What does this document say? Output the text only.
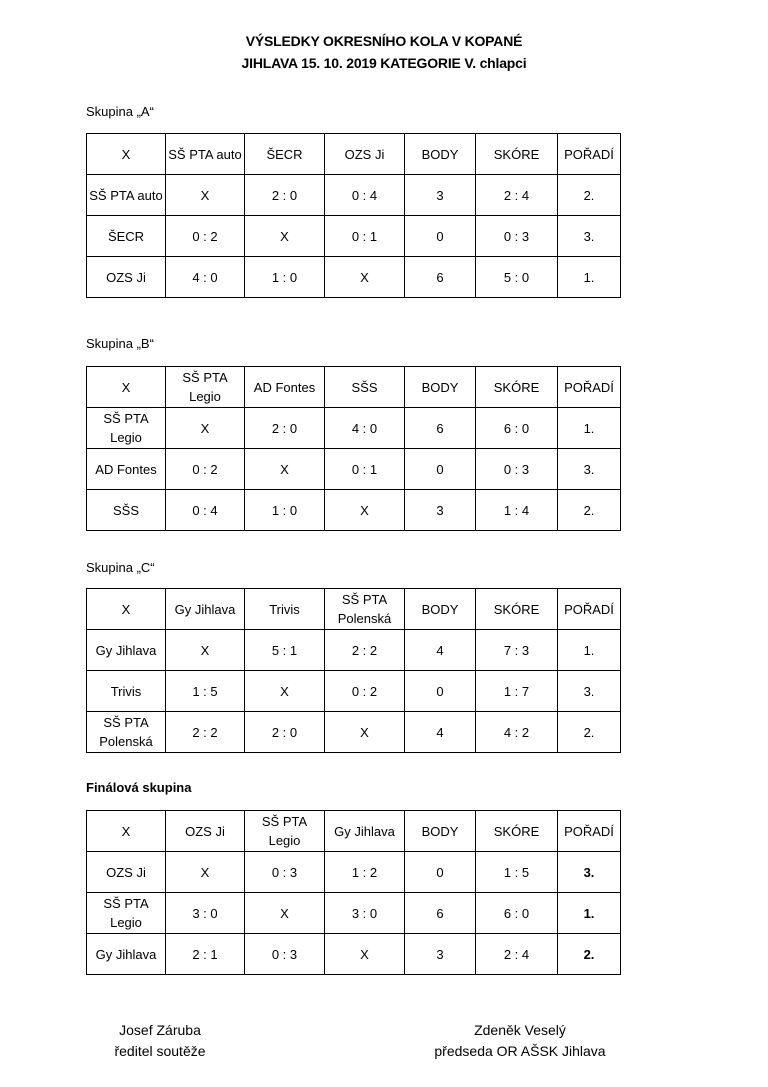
VÝSLEDKY OKRESNÍHO KOLA V KOPANÉ
JIHLAVA 15. 10. 2019 KATEGORIE V. chlapci
Skupina „A“
X	SŠ PTA auto	ŠECR	OZS Ji	BODY	SKÓRE	POŘADÍ
SŠ PTA auto	X	2 : 0	0 : 4	3	2 : 4	2.
ŠECR	0 : 2	X	0 : 1	0	0 : 3	3.
OZS Ji	4 : 0	1 : 0	X	6	5 : 0	1.
Skupina „B“
X	SŠ PTA Legio	AD Fontes	SŠS	BODY	SKÓRE	POŘADÍ
SŠ PTA Legio	X	2 : 0	4 : 0	6	6 : 0	1.
AD Fontes	0 : 2	X	0 : 1	0	0 : 3	3.
SŠS	0 : 4	1 : 0	X	3	1 : 4	2.
Skupina „C“
X	Gy Jihlava	Trivis	SŠ PTA Polenská	BODY	SKÓRE	POŘADÍ
Gy Jihlava	X	5 : 1	2 : 2	4	7 : 3	1.
Trivis	1 : 5	X	0 : 2	0	1 : 7	3.
SŠ PTA Polenská	2 : 2	2 : 0	X	4	4 : 2	2.
Finálová skupina
X	OZS Ji	SŠ PTA Legio	Gy Jihlava	BODY	SKÓRE	POŘADÍ
OZS Ji	X	0 : 3	1 : 2	0	1 : 5	3.
SŠ PTA Legio	3 : 0	X	3 : 0	6	6 : 0	1.
Gy Jihlava	2 : 1	0 : 3	X	3	2 : 4	2.
Josef Záruba
ředitel soutěže
Zdeněk Veselý
předseda OR AŠSK Jihlava
